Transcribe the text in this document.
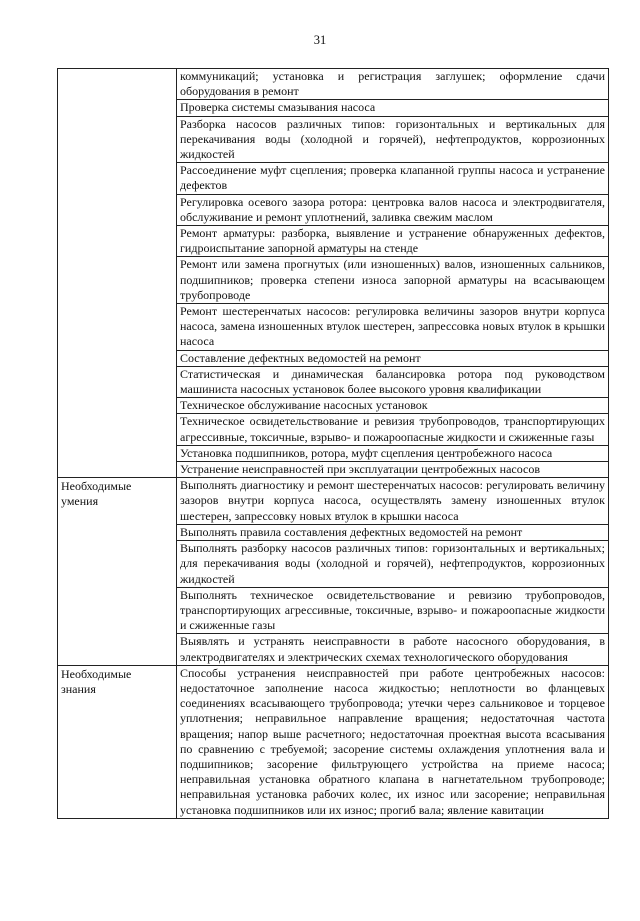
31
	коммуникаций; установка и регистрация заглушек; оформление сдачи оборудования в ремонт
	Проверка системы смазывания насоса
	Разборка насосов различных типов: горизонтальных и вертикальных для перекачивания воды (холодной и горячей), нефтепродуктов, коррозионных жидкостей
	Рассоединение муфт сцепления; проверка клапанной группы насоса и устранение дефектов
	Регулировка осевого зазора ротора: центровка валов насоса и электродвигателя, обслуживание и ремонт уплотнений, заливка свежим маслом
	Ремонт арматуры: разборка, выявление и устранение обнаруженных дефектов, гидроиспытание запорной арматуры на стенде
	Ремонт или замена прогнутых (или изношенных) валов, изношенных сальников, подшипников; проверка степени износа запорной арматуры на всасывающем трубопроводе
	Ремонт шестеренчатых насосов: регулировка величины зазоров внутри корпуса насоса, замена изношенных втулок шестерен, запрессовка новых втулок в крышки насоса
	Составление дефектных ведомостей на ремонт
	Статистическая и динамическая балансировка ротора под руководством машиниста насосных установок более высокого уровня квалификации
	Техническое обслуживание насосных установок
	Техническое освидетельствование и ревизия трубопроводов, транспортирующих агрессивные, токсичные, взрыво- и пожароопасные жидкости и сжиженные газы
	Установка подшипников, ротора, муфт сцепления центробежного насоса
	Устранение неисправностей при эксплуатации центробежных насосов

Необходимые
умения	Выполнять диагностику и ремонт шестеренчатых насосов: регулировать величину зазоров внутри корпуса насоса, осуществлять замену изношенных втулок шестерен, запрессовку новых втулок в крышки насоса
	Выполнять правила составления дефектных ведомостей на ремонт
	Выполнять разборку насосов различных типов: горизонтальных и вертикальных; для перекачивания воды (холодной и горячей), нефтепродуктов, коррозионных жидкостей
	Выполнять техническое освидетельствование и ревизию трубопроводов, транспортирующих агрессивные, токсичные, взрыво- и пожароопасные жидкости и сжиженные газы
	Выявлять и устранять неисправности в работе насосного оборудования, в электродвигателях и электрических схемах технологического оборудования

Необходимые
знания	Способы устранения неисправностей при работе центробежных насосов: недостаточное заполнение насоса жидкостью; неплотности во фланцевых соединениях всасывающего трубопровода; утечки через сальниковое и торцевое уплотнения; неправильное направление вращения; недостаточная частота вращения; напор выше расчетного; недостаточная проектная высота всасывания по сравнению с требуемой; засорение системы охлаждения уплотнения вала и подшипников; засорение фильтрующего устройства на приеме насоса; неправильная установка обратного клапана в нагнетательном трубопроводе; неправильная установка рабочих колес, их износ или засорение; неправильная установка подшипников или их износ; прогиб вала; явление кавитации
